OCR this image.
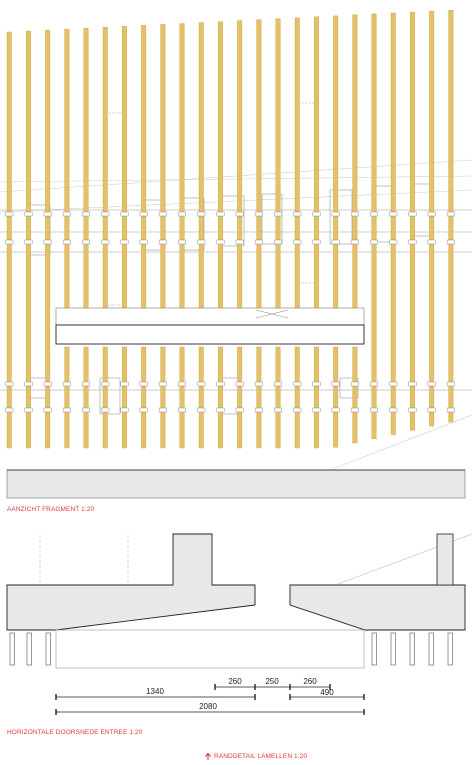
260	250	260
1340	490
2080
AANZICHT FRAGMENT 1:20
HORIZONTALE DOORSNEDE ENTREE 1:20
RANDDETAIL LAMELLEN 1:20
